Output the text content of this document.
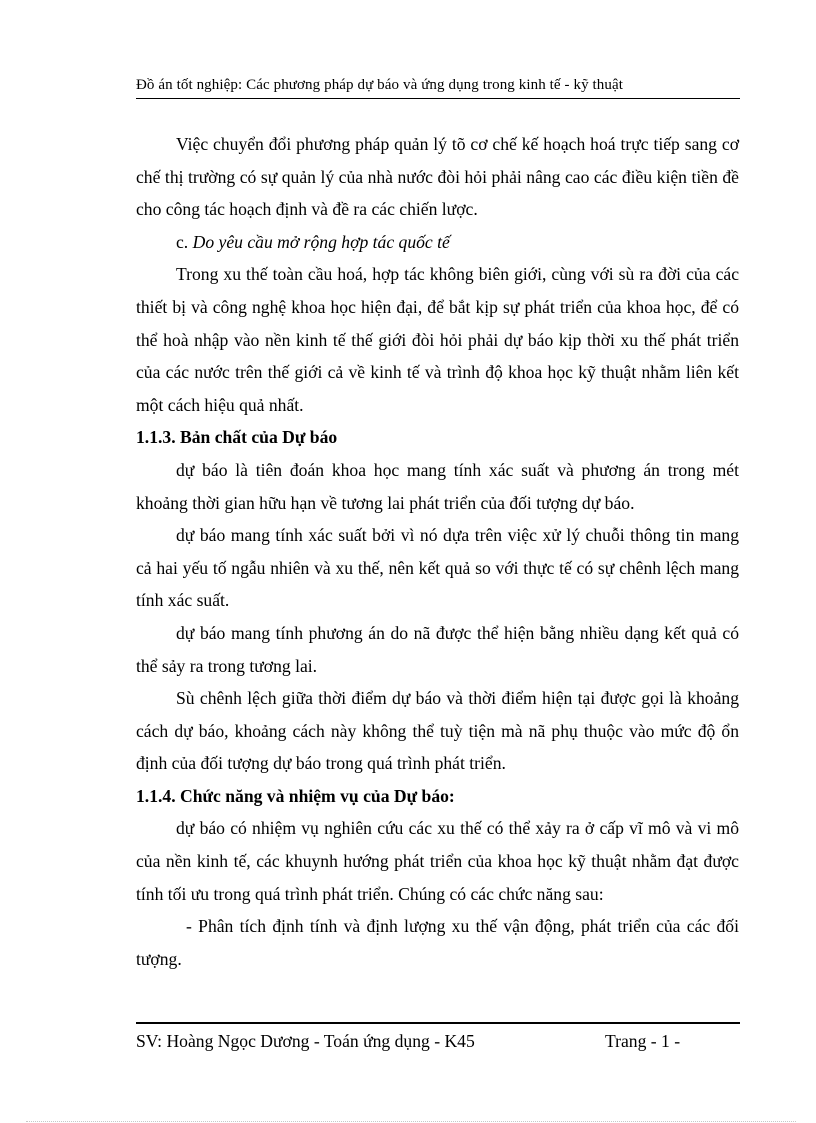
Đồ án tốt nghiệp: Các phương pháp dự báo và ứng dụng trong kinh tế - kỹ thuật

Việc chuyển đổi phương pháp quản lý tõ cơ chế kế hoạch hoá trực tiếp sang cơ chế thị trường có sự quản lý của nhà nước đòi hỏi phải nâng cao các điều kiện tiền đề cho công tác hoạch định và đề ra các chiến lược.

c. Do yêu cầu mở rộng hợp tác quốc tế

Trong xu thế toàn cầu hoá, hợp tác không biên giới, cùng với sù ra đời của các thiết bị và công nghệ khoa học hiện đại, để bắt kịp sự phát triển của khoa học, để có thể hoà nhập vào nền kinh tế thế giới đòi hỏi phải dự báo kịp thời xu thế phát triển của các nước trên thế giới cả về kinh tế và trình độ khoa học kỹ thuật nhằm liên kết một cách hiệu quả nhất.

1.1.3. Bản chất của Dự báo

dự báo là tiên đoán khoa học mang tính xác suất và phương án trong mét khoảng thời gian hữu hạn về tương lai phát triển của đối tượng dự báo.

dự báo mang tính xác suất bởi vì nó dựa trên việc xử lý chuỗi thông tin mang cả hai yếu tố ngẫu nhiên và xu thế, nên kết quả so với thực tế có sự chênh lệch mang tính xác suất.

dự báo mang tính phương án do nã được thể hiện bằng nhiều dạng kết quả có thể sảy ra trong tương lai.

Sù chênh lệch giữa thời điểm dự báo và thời điểm hiện tại được gọi là khoảng cách dự báo, khoảng cách này không thể tuỳ tiện mà nã phụ thuộc vào mức độ ổn định của đối tượng dự báo trong quá trình phát triển.

1.1.4. Chức năng và nhiệm vụ của Dự báo:

dự báo có nhiệm vụ nghiên cứu các xu thế có thể xảy ra ở cấp vĩ mô và vi mô của nền kinh tế, các khuynh hướng phát triển của khoa học kỹ thuật nhằm đạt được tính tối ưu trong quá trình phát triển. Chúng có các chức năng sau:

- Phân tích định tính và định lượng xu thế vận động, phát triển của các đối tượng.

SV: Hoàng Ngọc Dương - Toán ứng dụng - K45	Trang - 1 -
